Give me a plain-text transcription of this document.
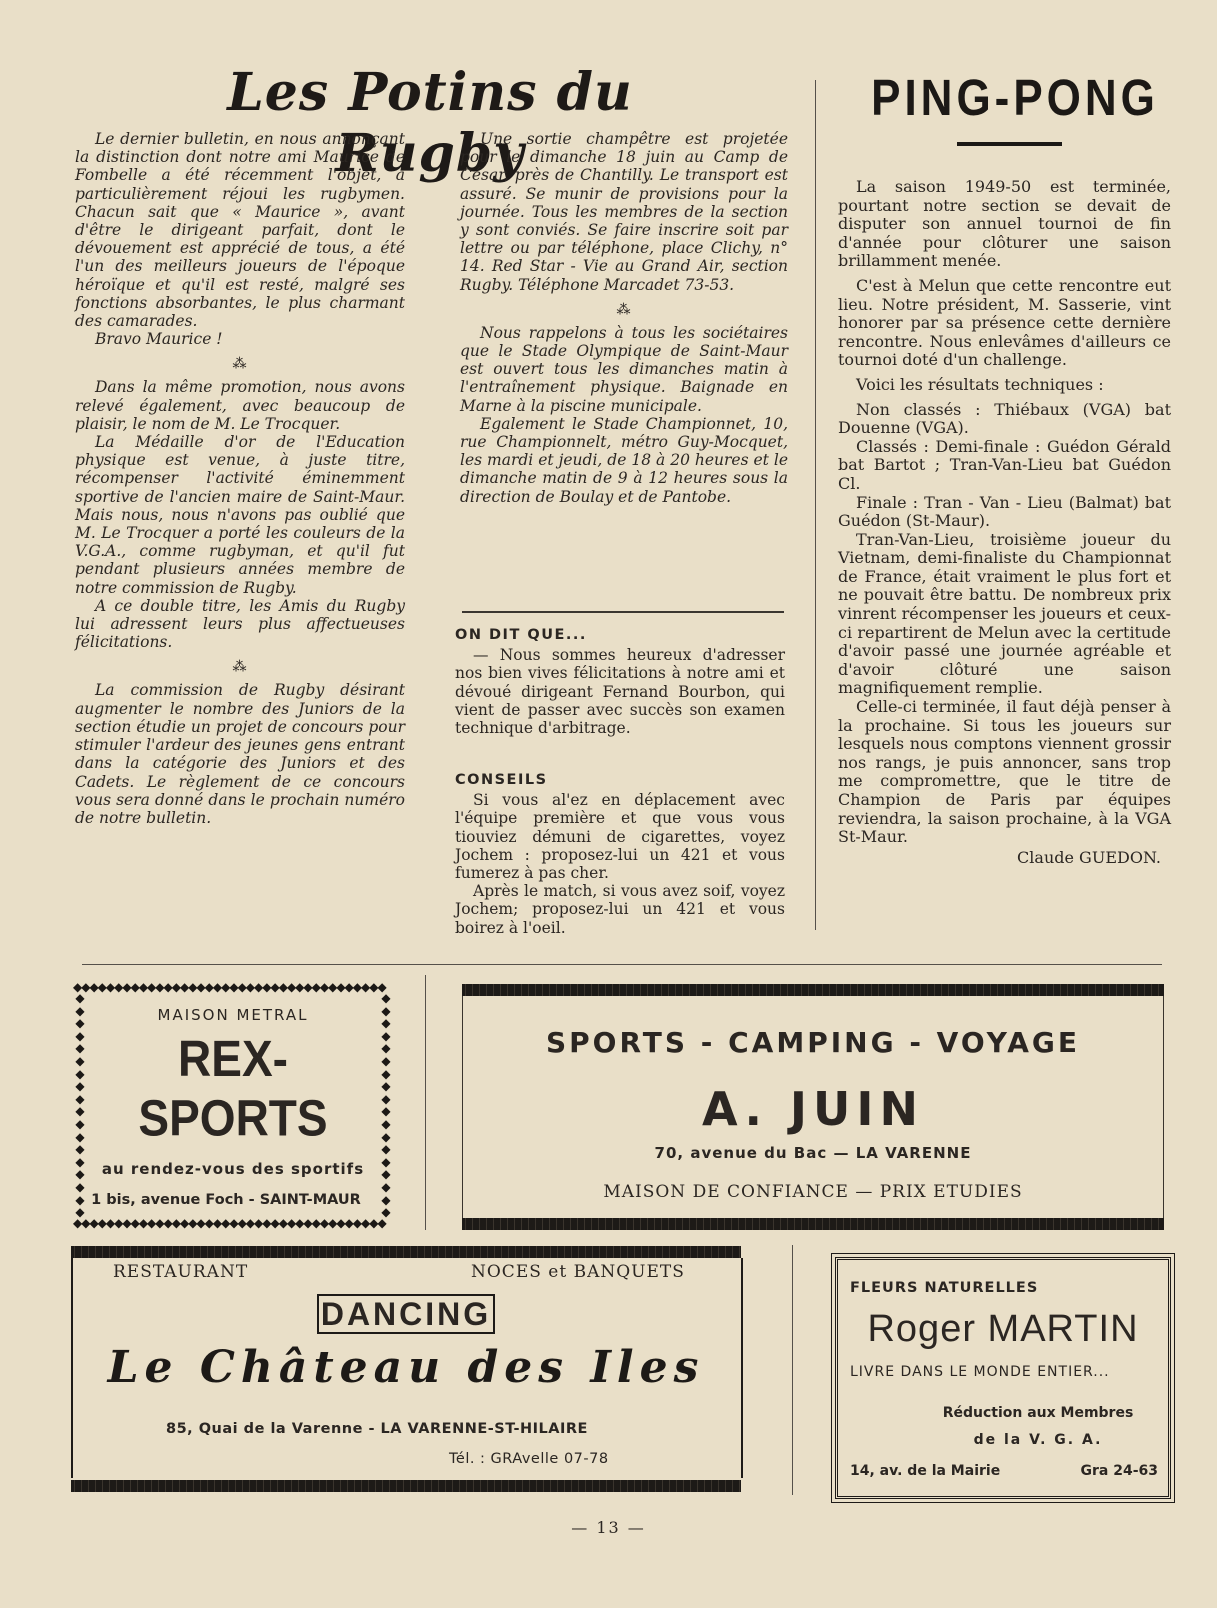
Les Potins du Rugby

Le dernier bulletin, en nous annonçant la distinction dont notre ami Maurice de Fombelle a été récemment l'objet, a particulièrement réjoui les rugbymen. Chacun sait que « Maurice », avant d'être le dirigeant parfait, dont le dévouement est apprécié de tous, a été l'un des meilleurs joueurs de l'époque héroïque et qu'il est resté, malgré ses fonctions absorbantes, le plus charmant des camarades.

Bravo Maurice !

⁂

Dans la même promotion, nous avons relevé également, avec beaucoup de plaisir, le nom de M. Le Trocquer.

La Médaille d'or de l'Education physique est venue, à juste titre, récompenser l'activité éminemment sportive de l'ancien maire de Saint-Maur. Mais nous, nous n'avons pas oublié que M. Le Trocquer a porté les couleurs de la V.G.A., comme rugbyman, et qu'il fut pendant plusieurs années membre de notre commission de Rugby.

A ce double titre, les Amis du Rugby lui adressent leurs plus affectueuses félicitations.

⁂

La commission de Rugby désirant augmenter le nombre des Juniors de la section étudie un projet de concours pour stimuler l'ardeur des jeunes gens entrant dans la catégorie des Juniors et des Cadets. Le règlement de ce concours vous sera donné dans le prochain numéro de notre bulletin.

Une sortie champêtre est projetée pour le dimanche 18 juin au Camp de César, près de Chantilly. Le transport est assuré. Se munir de provisions pour la journée. Tous les membres de la section y sont conviés. Se faire inscrire soit par lettre ou par téléphone, place Clichy, n° 14. Red Star - Vie au Grand Air, section Rugby. Téléphone Marcadet 73-53.

⁂

Nous rappelons à tous les sociétaires que le Stade Olympique de Saint-Maur est ouvert tous les dimanches matin à l'entraînement physique. Baignade en Marne à la piscine municipale.

Egalement le Stade Championnet, 10, rue Championnelt, métro Guy-Mocquet, les mardi et jeudi, de 18 à 20 heures et le dimanche matin de 9 à 12 heures sous la direction de Boulay et de Pantobe.

ON DIT QUE...

— Nous sommes heureux d'adresser nos bien vives félicitations à notre ami et dévoué dirigeant Fernand Bourbon, qui vient de passer avec succès son examen technique d'arbitrage.

CONSEILS

Si vous al'ez en déplacement avec l'équipe première et que vous vous tiouviez démuni de cigarettes, voyez Jochem : proposez-lui un 421 et vous fumerez à pas cher.

Après le match, si vous avez soif, voyez Jochem; proposez-lui un 421 et vous boirez à l'oeil.

PING-PONG

La saison 1949-50 est terminée, pourtant notre section se devait de disputer son annuel tournoi de fin d'année pour clôturer une saison brillamment menée.

C'est à Melun que cette rencontre eut lieu. Notre président, M. Sasserie, vint honorer par sa présence cette dernière rencontre. Nous enlevâmes d'ailleurs ce tournoi doté d'un challenge.

Voici les résultats techniques :

Non classés : Thiébaux (VGA) bat Douenne (VGA).

Classés : Demi-finale : Guédon Gérald bat Bartot ; Tran-Van-Lieu bat Guédon Cl.

Finale : Tran - Van - Lieu (Balmat) bat Guédon (St-Maur).

Tran-Van-Lieu, troisième joueur du Vietnam, demi-finaliste du Championnat de France, était vraiment le plus fort et ne pouvait être battu. De nombreux prix vinrent récompenser les joueurs et ceux-ci repartirent de Melun avec la certitude d'avoir passé une journée agréable et d'avoir clôturé une saison magnifiquement remplie.

Celle-ci terminée, il faut déjà penser à la prochaine. Si tous les joueurs sur lesquels nous comptons viennent grossir nos rangs, je puis annoncer, sans trop me compromettre, que le titre de Champion de Paris par équipes reviendra, la saison prochaine, à la VGA St-Maur.

Claude GUEDON.
◆◆◆◆◆◆◆◆◆◆◆◆◆◆◆◆◆◆◆◆◆◆◆◆◆◆◆◆◆◆◆◆◆◆◆◆◆◆
◆◆◆◆◆◆◆◆◆◆◆◆◆◆◆◆◆◆◆◆◆◆◆◆◆◆◆◆◆◆◆◆◆◆◆◆◆◆
◆
◆
◆
◆
◆
◆
◆
◆
◆
◆
◆
◆
◆
◆
◆
◆
◆
◆
◆
◆
◆
◆
◆
◆
◆
◆
◆
◆
◆
◆
◆
◆
◆
◆
◆
◆
MAISON METRAL
REX-SPORTS
au rendez-vous des sportifs
1 bis, avenue Foch - SAINT-MAUR
SPORTS - CAMPING - VOYAGE
A. JUIN
70, avenue du Bac — LA VARENNE
MAISON DE CONFIANCE — PRIX ETUDIES
RESTAURANT	NOCES et BANQUETS
DANCING
Le Château des Iles
85, Quai de la Varenne - LA VARENNE-ST-HILAIRE
Tél. : GRAvelle 07-78
FLEURS NATURELLES
Roger MARTIN
LIVRE DANS LE MONDE ENTIER...
Réduction aux Membres
de la V. G. A.
14, av. de la Mairie	Gra 24-63
— 13 —
